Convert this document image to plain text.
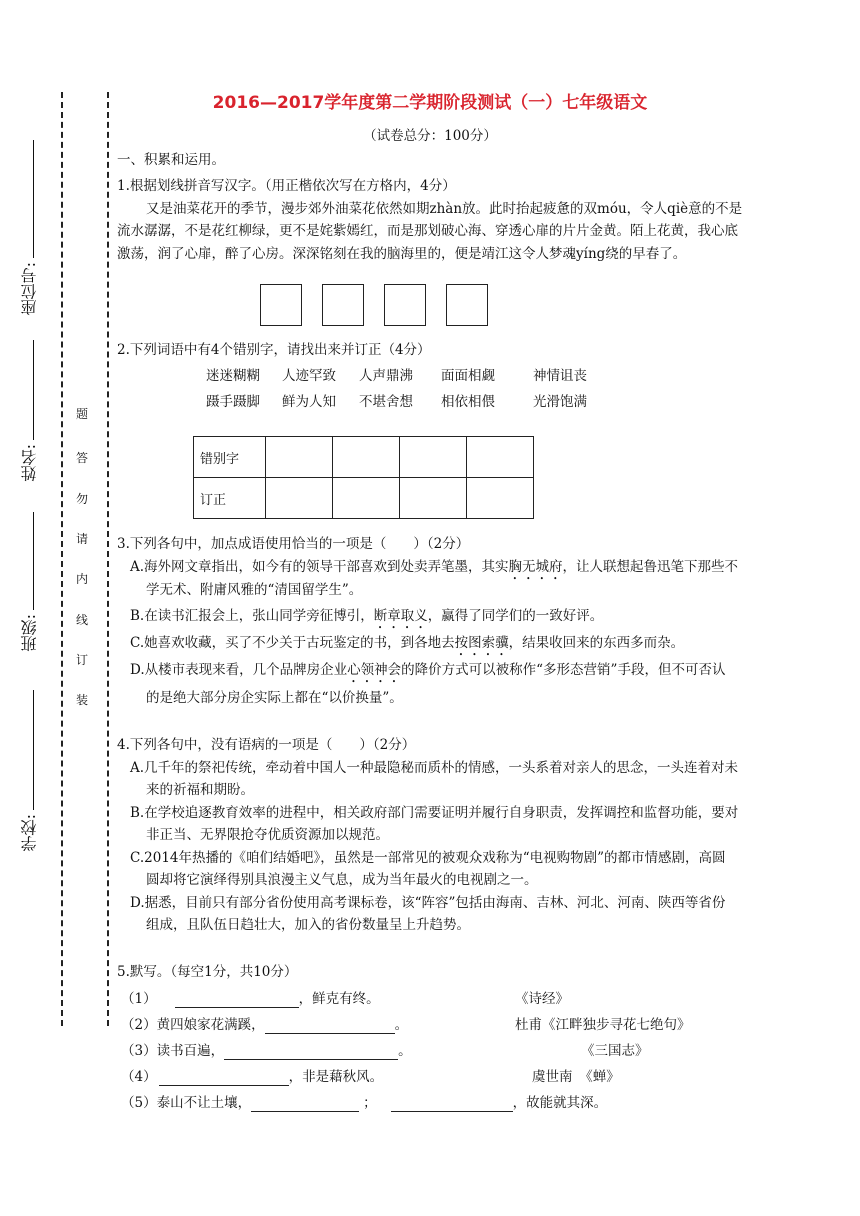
座位号:
姓名:
班级:
学校:
题
答
勿
请
内
线
订
装
2016—2017学年度第二学期阶段测试（一）七年级语文
（试卷总分：100分）
一、积累和运用。
1.根据划线拼音写汉字。（用正楷依次写在方格内，4分）
又是油菜花开的季节，漫步郊外油菜花依然如期zhàn放。此时抬起疲惫的双móu，令人qiè意的不是
流水潺潺，不是花红柳绿，更不是姹紫嫣红，而是那划破心海、穿透心扉的片片金黄。陌上花黄，我心底
激荡，润了心扉，醉了心房。深深铭刻在我的脑海里的，便是靖江这令人梦魂yíng绕的早春了。
2.下列词语中有4个错别字，请找出来并订正（4分）
迷迷糊糊 人迹罕致 人声鼎沸 面面相觑	神情诅丧
蹑手蹑脚 鲜为人知 不堪舍想 相依相偎	光滑饱满
错别字				
订正				
3.下列各句中，加点成语使用恰当的一项是（　　）（2分）
A.海外网文章指出，如今有的领导干部喜欢到处卖弄笔墨，其实胸无城府，让人联想起鲁迅笔下那些不
学无术、附庸风雅的“清国留学生”。
B.在读书汇报会上，张山同学旁征博引，断章取义，赢得了同学们的一致好评。
C.她喜欢收藏，买了不少关于古玩鉴定的书，到各地去按图索骥，结果收回来的东西多而杂。
D.从楼市表现来看，几个品牌房企业心领神会的降价方式可以被称作“多形态营销”手段，但不可否认
的是绝大部分房企实际上都在“以价换量”。
4.下列各句中，没有语病的一项是（　　）（2分）
A.几千年的祭祀传统，牵动着中国人一种最隐秘而质朴的情感，一头系着对亲人的思念，一头连着对未
来的祈福和期盼。
B.在学校追逐教育效率的进程中，相关政府部门需要证明并履行自身职责，发挥调控和监督功能，要对
非正当、无界限抢夺优质资源加以规范。
C.2014年热播的《咱们结婚吧》，虽然是一部常见的被观众戏称为“电视购物剧”的都市情感剧，高圆
圆却将它演绎得别具浪漫主义气息，成为当年最火的电视剧之一。
D.据悉，目前只有部分省份使用高考课标卷，该“阵容”包括由海南、吉林、河北、河南、陕西等省份
组成，且队伍日趋壮大，加入的省份数量呈上升趋势。
5.默写。（每空1分，共10分）
（1）	，鲜克有终。	《诗经》
（2）黄四娘家花满蹊，	。	杜甫《江畔独步寻花七绝句》
（3）读书百遍，	。	《三国志》
（4）	，非是藉秋风。	虞世南　《蝉》
（5）泰山不让土壤，	；	，故能就其深。
